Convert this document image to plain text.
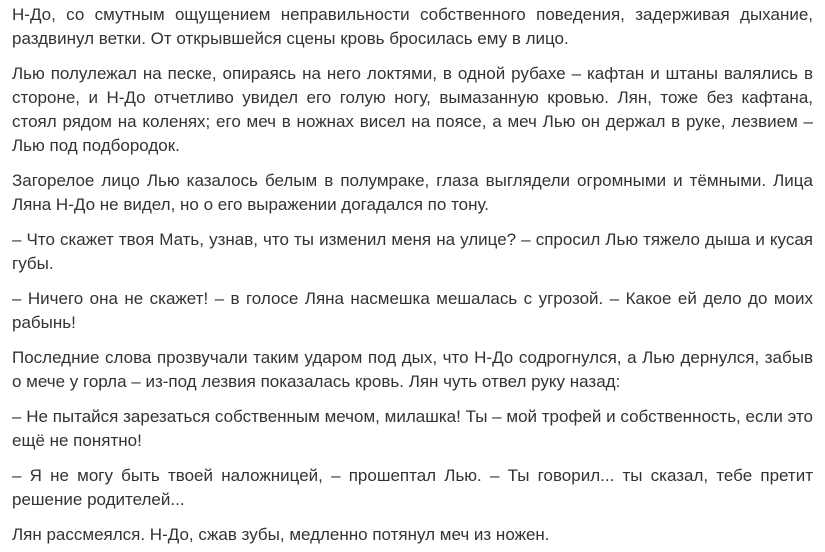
Н-До, со смутным ощущением неправильности собственного поведения, задерживая дыхание, раздвинул ветки. От открывшейся сцены кровь бросилась ему в лицо.

Лью полулежал на песке, опираясь на него локтями, в одной рубахе – кафтан и штаны валялись в стороне, и Н-До отчетливо увидел его голую ногу, вымазанную кровью. Лян, тоже без кафтана, стоял рядом на коленях; его меч в ножнах висел на поясе, а меч Лью он держал в руке, лезвием – Лью под подбородок.

Загорелое лицо Лью казалось белым в полумраке, глаза выглядели огромными и тёмными. Лица Ляна Н-До не видел, но о его выражении догадался по тону.

– Что скажет твоя Мать, узнав, что ты изменил меня на улице? – спросил Лью тяжело дыша и кусая губы.

– Ничего она не скажет! – в голосе Ляна насмешка мешалась с угрозой. – Какое ей дело до моих рабынь!

Последние слова прозвучали таким ударом под дых, что Н-До содрогнулся, а Лью дернулся, забыв о мече у горла – из-под лезвия показалась кровь. Лян чуть отвел руку назад:

– Не пытайся зарезаться собственным мечом, милашка! Ты – мой трофей и собственность, если это ещё не понятно!

– Я не могу быть твоей наложницей, – прошептал Лью. – Ты говорил... ты сказал, тебе претит решение родителей...

Лян рассмеялся. Н-До, сжав зубы, медленно потянул меч из ножен.
